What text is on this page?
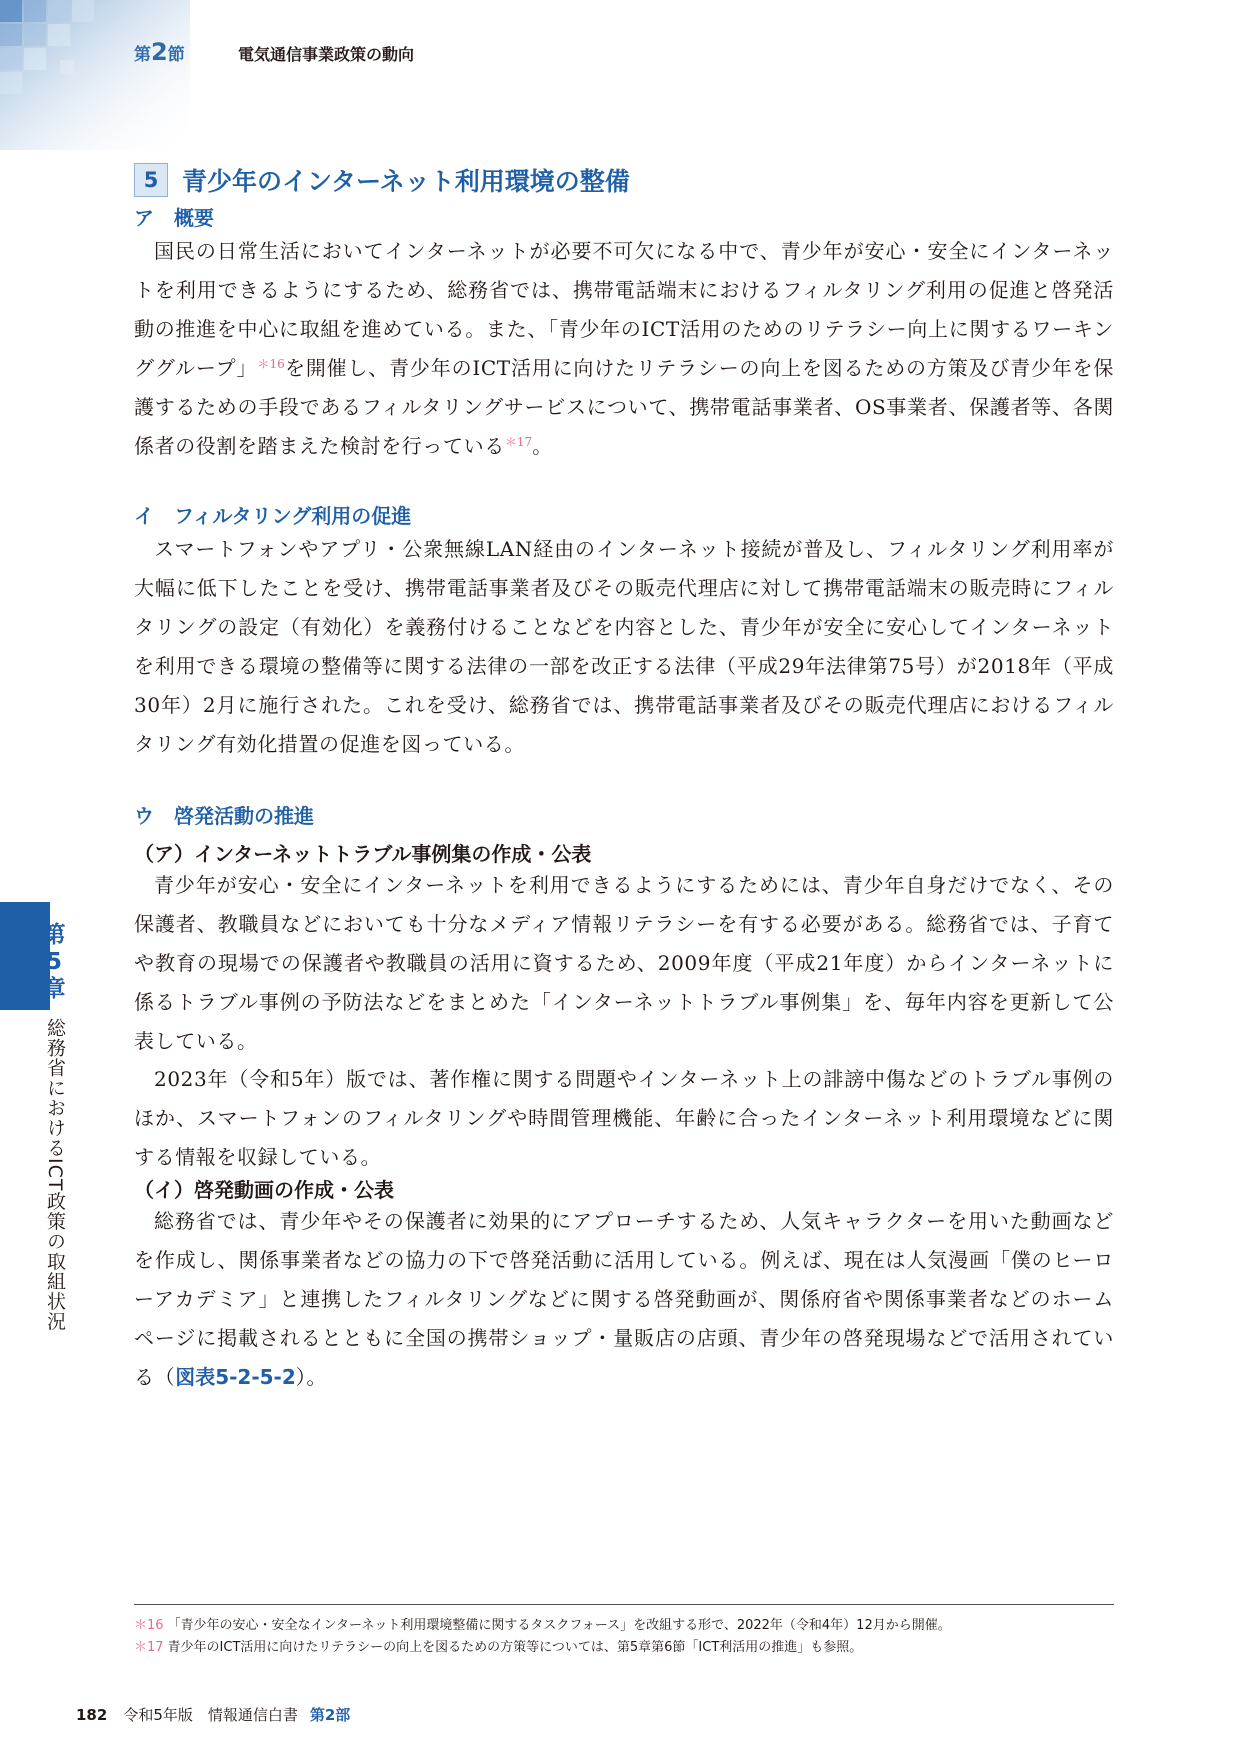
第2節	電気通信事業政策の動向
5 青少年のインターネット利用環境の整備
ア　概要
国民の日常生活においてインターネットが必要不可欠になる中で、青少年が安心・安全にインターネットを利用できるようにするため、総務省では、携帯電話端末におけるフィルタリング利用の促進と啓発活動の推進を中心に取組を進めている。また、「青少年のICT活用のためのリテラシー向上に関するワーキンググループ」$^{*16}$を開催し、青少年のICT活用に向けたリテラシーの向上を図るための方策及び青少年を保護するための手段であるフィルタリングサービスについて、携帯電話事業者、OS事業者、保護者等、各関係者の役割を踏まえた検討を行っている$^{*17}$。
イ　フィルタリング利用の促進
スマートフォンやアプリ・公衆無線LAN経由のインターネット接続が普及し、フィルタリング利用率が大幅に低下したことを受け、携帯電話事業者及びその販売代理店に対して携帯電話端末の販売時にフィルタリングの設定（有効化）を義務付けることなどを内容とした、青少年が安全に安心してインターネットを利用できる環境の整備等に関する法律の一部を改正する法律（平成29年法律第75号）が2018年（平成30年）2月に施行された。これを受け、総務省では、携帯電話事業者及びその販売代理店におけるフィルタリング有効化措置の促進を図っている。
ウ　啓発活動の推進
（ア）インターネットトラブル事例集の作成・公表
青少年が安心・安全にインターネットを利用できるようにするためには、青少年自身だけでなく、その保護者、教職員などにおいても十分なメディア情報リテラシーを有する必要がある。総務省では、子育てや教育の現場での保護者や教職員の活用に資するため、2009年度（平成21年度）からインターネットに係るトラブル事例の予防法などをまとめた「インターネットトラブル事例集」を、毎年内容を更新して公表している。
2023年（令和5年）版では、著作権に関する問題やインターネット上の誹謗中傷などのトラブル事例のほか、スマートフォンのフィルタリングや時間管理機能、年齢に合ったインターネット利用環境などに関する情報を収録している。
（イ）啓発動画の作成・公表
総務省では、青少年やその保護者に効果的にアプローチするため、人気キャラクターを用いた動画などを作成し、関係事業者などの協力の下で啓発活動に活用している。例えば、現在は人気漫画「僕のヒーローアカデミア」と連携したフィルタリングなどに関する啓発動画が、関係府省や関係事業者などのホームページに掲載されるとともに全国の携帯ショップ・量販店の店頭、青少年の啓発現場などで活用されている（図表5-2-5-2）。
第5章
総務省におけるICT政策の取組状況
＊16 「青少年の安心・安全なインターネット利用環境整備に関するタスクフォース」を改組する形で、2022年（令和4年）12月から開催。
＊17 青少年のICT活用に向けたリテラシーの向上を図るための方策等については、第5章第6節「ICT利活用の推進」も参照。
182 令和5年版　情報通信白書 第2部
